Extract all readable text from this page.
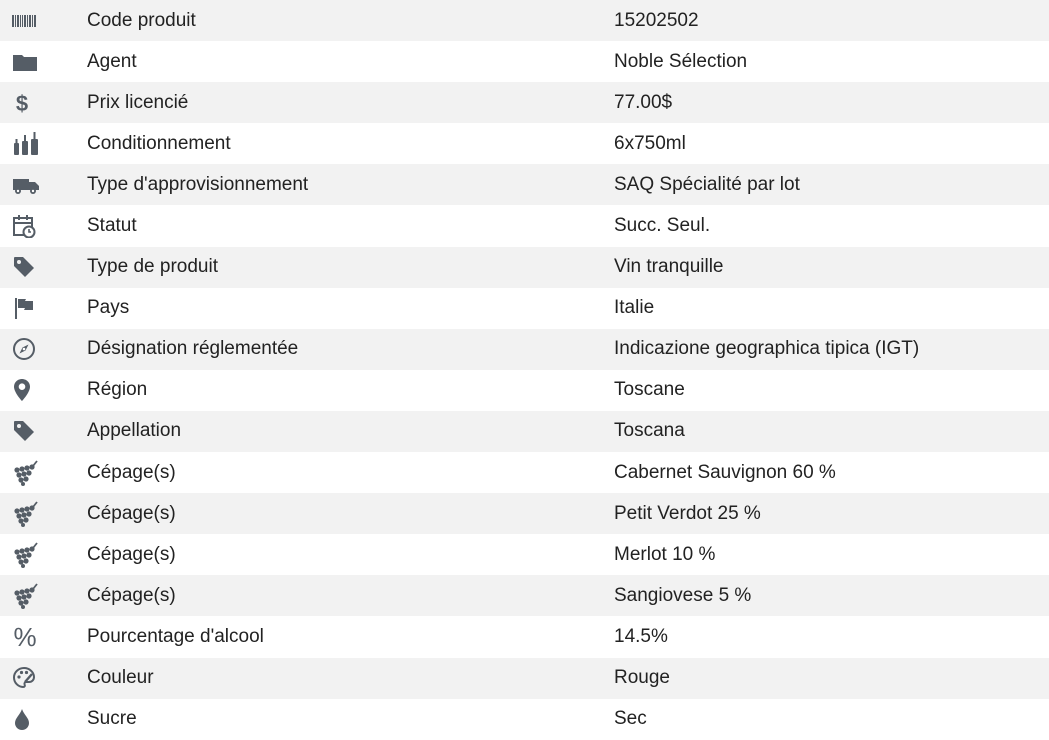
Code produit	15202502
Agent	Noble Sélection
$	Prix licencié	77.00$
Conditionnement	6x750ml
Type d'approvisionnement	SAQ Spécialité par lot
Statut	Succ. Seul.
Type de produit	Vin tranquille
Pays	Italie
Désignation réglementée	Indicazione geographica tipica (IGT)
Région	Toscane
Appellation	Toscana
Cépage(s)	Cabernet Sauvignon 60 %
Cépage(s)	Petit Verdot 25 %
Cépage(s)	Merlot 10 %
Cépage(s)	Sangiovese 5 %
%	Pourcentage d'alcool	14.5%
Couleur	Rouge
Sucre	Sec
